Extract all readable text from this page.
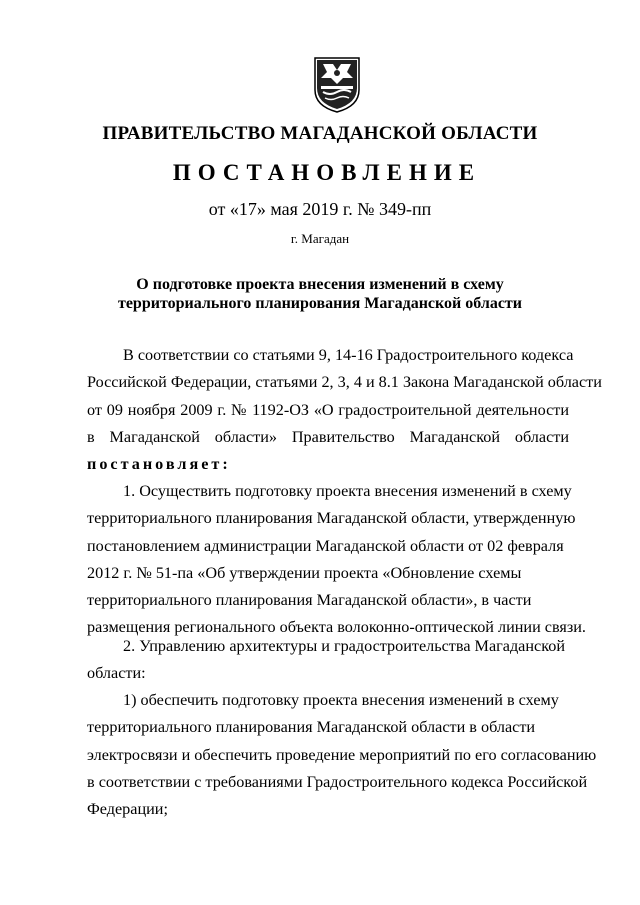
ПРАВИТЕЛЬСТВО МАГАДАНСКОЙ ОБЛАСТИ
ПОСТАНОВЛЕНИЕ
от «17» мая 2019 г. № 349-пп
г. Магадан
О подготовке проекта внесения изменений в схему
территориального планирования Магаданской области
В соответствии со статьями 9, 14-16 Градостроительного кодекса
Российской Федерации, статьями 2, 3, 4 и 8.1 Закона Магаданской области
от 09 ноября 2009 г. № 1192-ОЗ «О градостроительной деятельности
в Магаданской области» Правительство Магаданской области
постановляет:
1. Осуществить подготовку проекта внесения изменений в схему
территориального планирования Магаданской области, утвержденную
постановлением администрации Магаданской области от 02 февраля
2012 г. № 51-па «Об утверждении проекта «Обновление схемы
территориального планирования Магаданской области», в части
размещения регионального объекта волоконно-оптической линии связи.
2. Управлению архитектуры и градостроительства Магаданской
области:
1) обеспечить подготовку проекта внесения изменений в схему
территориального планирования Магаданской области в области
электросвязи и обеспечить проведение мероприятий по его согласованию
в соответствии с требованиями Градостроительного кодекса Российской
Федерации;
